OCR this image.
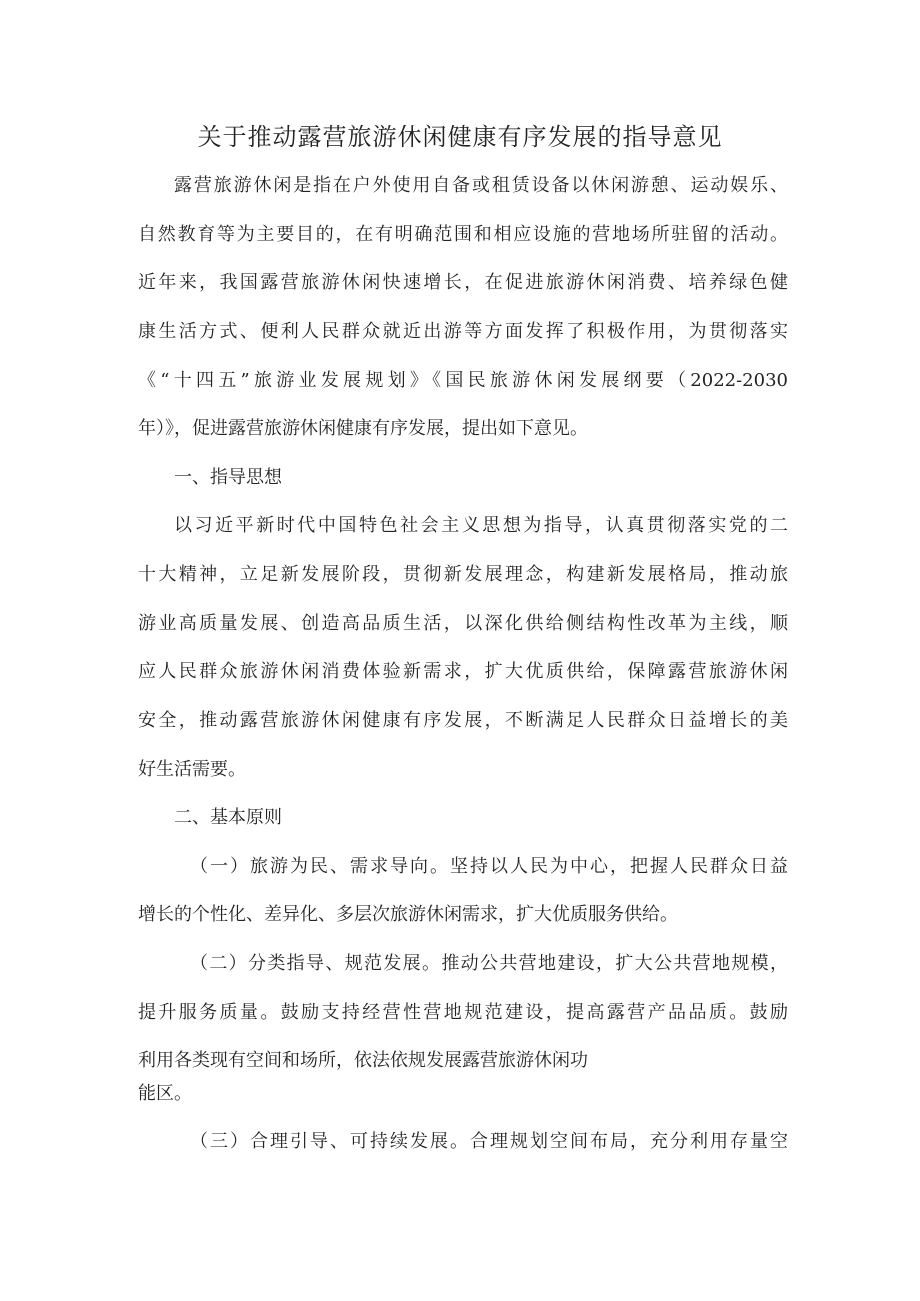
关于推动露营旅游休闲健康有序发展的指导意见

露营旅游休闲是指在户外使用自备或租赁设备以休闲游憩、运动娱乐、

自然教育等为主要目的，在有明确范围和相应设施的营地场所驻留的活动。

近年来，我国露营旅游休闲快速增长，在促进旅游休闲消费、培养绿色健

康生活方式、便利人民群众就近出游等方面发挥了积极作用，为贯彻落实

《“十四五”旅游业发展规划》《国民旅游休闲发展纲要（2022-2030

年）》，促进露营旅游休闲健康有序发展，提出如下意见。

一、指导思想

以习近平新时代中国特色社会主义思想为指导，认真贯彻落实党的二

十大精神，立足新发展阶段，贯彻新发展理念，构建新发展格局，推动旅

游业高质量发展、创造高品质生活，以深化供给侧结构性改革为主线，顺

应人民群众旅游休闲消费体验新需求，扩大优质供给，保障露营旅游休闲

安全，推动露营旅游休闲健康有序发展，不断满足人民群众日益增长的美

好生活需要。

二、基本原则

（一）旅游为民、需求导向。坚持以人民为中心，把握人民群众日益

增长的个性化、差异化、多层次旅游休闲需求，扩大优质服务供给。

（二）分类指导、规范发展。推动公共营地建设，扩大公共营地规模，

提升服务质量。鼓励支持经营性营地规范建设，提高露营产品品质。鼓励

利用各类现有空间和场所，依法依规发展露营旅游休闲功

能区。

（三）合理引导、可持续发展。合理规划空间布局，充分利用存量空
